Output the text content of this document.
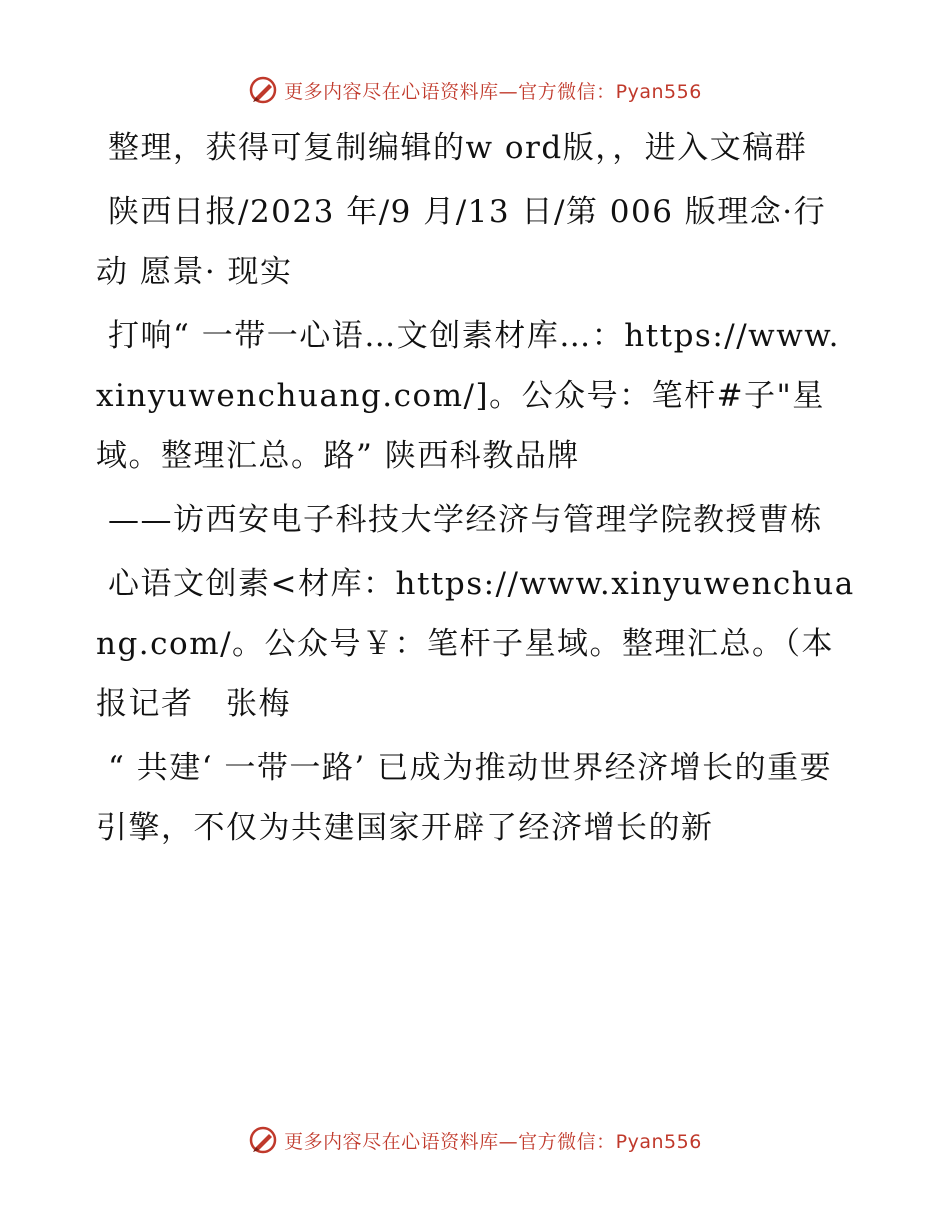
更多内容尽在心语资料库—官方微信：Pyan556

整理，获得可复制编辑的w ord版，，进入文稿群

陕西日报/2023 年/9 月/13 日/第 006 版理念·行动 愿景· 现实

打响“ 一带一心语…文创素材库…：https://www.xinyuwenchuang.com/]。公众号：笔杆#子"星域。整理汇总。路” 陕西科教品牌

——访西安电子科技大学经济与管理学院教授曹栋

心语文创素<材库：https://www.xinyuwenchuang.com/。公众号￥：笔杆子星域。整理汇总。（本报记者　张梅

“ 共建‘ 一带一路’ 已成为推动世界经济增长的重要引擎，不仅为共建国家开辟了经济增长的新

更多内容尽在心语资料库—官方微信：Pyan556
